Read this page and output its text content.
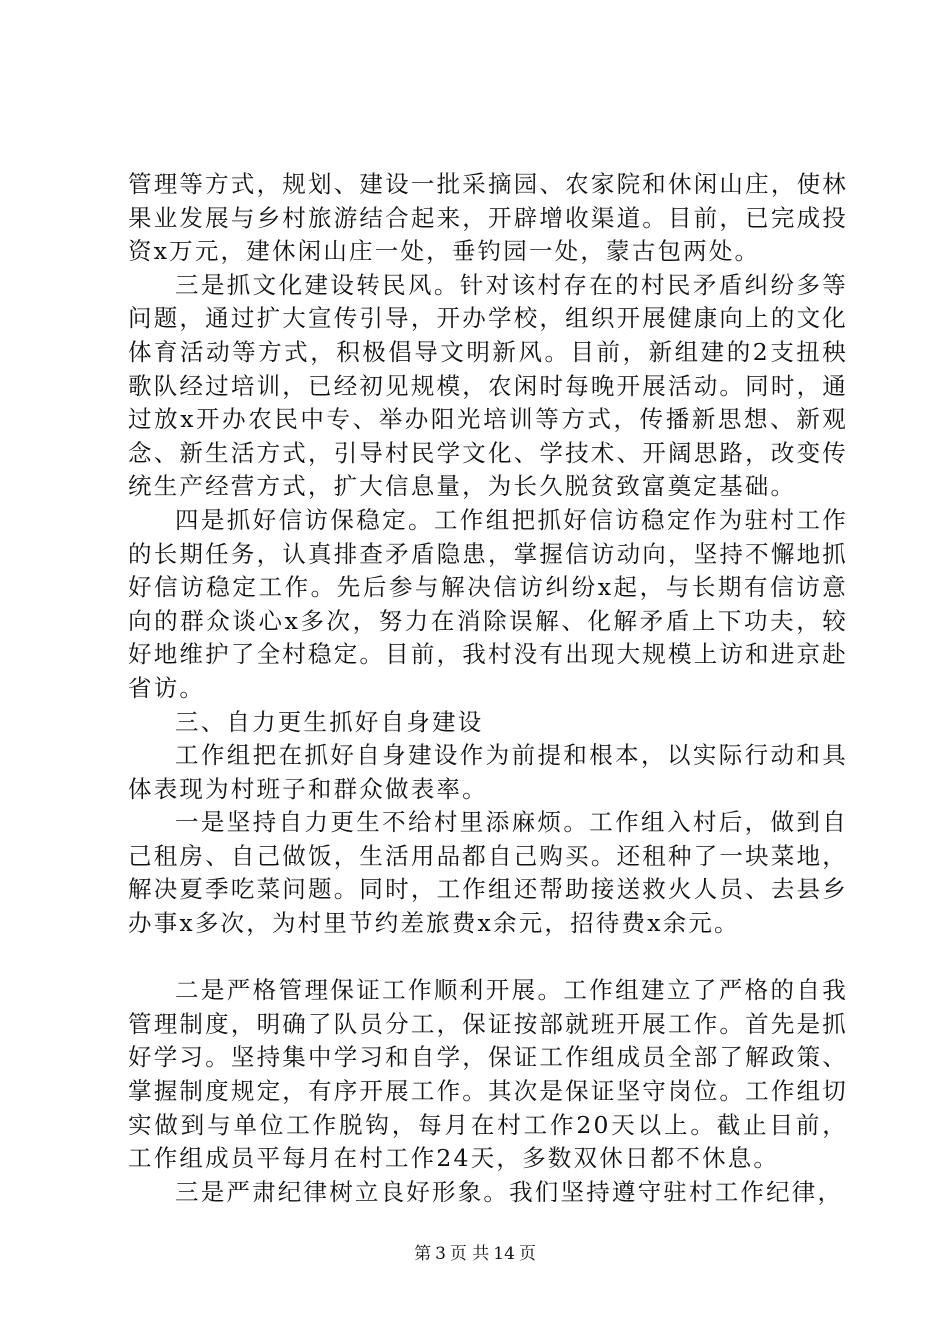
管理等方式，规划、建设一批采摘园、农家院和休闲山庄，使林果业发展与乡村旅游结合起来，开辟增收渠道。目前，已完成投资x万元，建休闲山庄一处，垂钓园一处，蒙古包两处。

三是抓文化建设转民风。针对该村存在的村民矛盾纠纷多等问题，通过扩大宣传引导，开办学校，组织开展健康向上的文化体育活动等方式，积极倡导文明新风。目前，新组建的2支扭秧歌队经过培训，已经初见规模，农闲时每晚开展活动。同时，通过放x开办农民中专、举办阳光培训等方式，传播新思想、新观念、新生活方式，引导村民学文化、学技术、开阔思路，改变传统生产经营方式，扩大信息量，为长久脱贫致富奠定基础。

四是抓好信访保稳定。工作组把抓好信访稳定作为驻村工作的长期任务，认真排查矛盾隐患，掌握信访动向，坚持不懈地抓好信访稳定工作。先后参与解决信访纠纷x起，与长期有信访意向的群众谈心x多次，努力在消除误解、化解矛盾上下功夫，较好地维护了全村稳定。目前，我村没有出现大规模上访和进京赴省访。

三、自力更生抓好自身建设

工作组把在抓好自身建设作为前提和根本，以实际行动和具体表现为村班子和群众做表率。

一是坚持自力更生不给村里添麻烦。工作组入村后，做到自己租房、自己做饭，生活用品都自己购买。还租种了一块菜地，解决夏季吃菜问题。同时，工作组还帮助接送救火人员、去县乡办事x多次，为村里节约差旅费x余元，招待费x余元。

二是严格管理保证工作顺利开展。工作组建立了严格的自我管理制度，明确了队员分工，保证按部就班开展工作。首先是抓好学习。坚持集中学习和自学，保证工作组成员全部了解政策、掌握制度规定，有序开展工作。其次是保证坚守岗位。工作组切实做到与单位工作脱钩，每月在村工作20天以上。截止目前，工作组成员平每月在村工作24天，多数双休日都不休息。

三是严肃纪律树立良好形象。我们坚持遵守驻村工作纪律，

第 3 页 共 14 页
